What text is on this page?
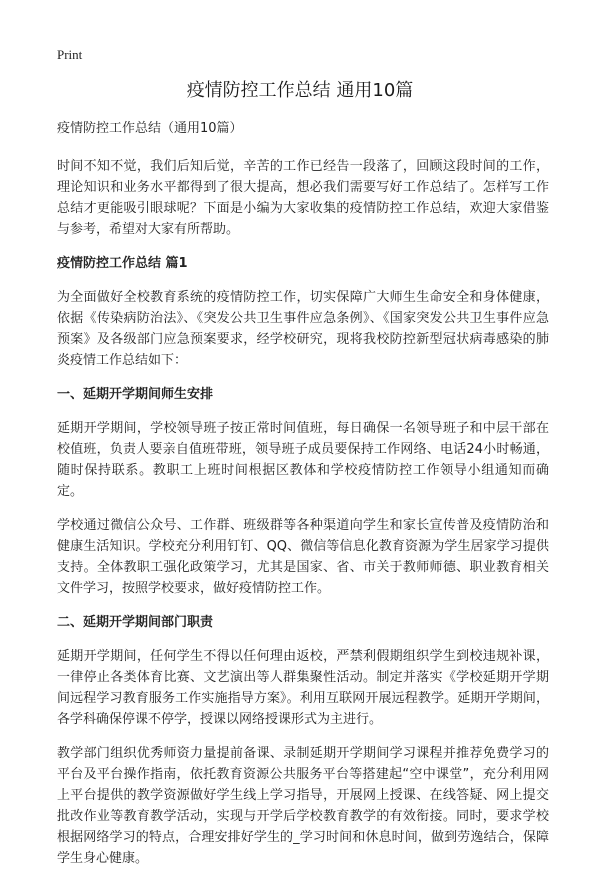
Print
疫情防控工作总结 通用10篇
疫情防控工作总结（通用10篇）

时间不知不觉，我们后知后觉，辛苦的工作已经告一段落了，回顾这段时间的工作，理论知识和业务水平都得到了很大提高，想必我们需要写好工作总结了。怎样写工作总结才更能吸引眼球呢？下面是小编为大家收集的疫情防控工作总结，欢迎大家借鉴与参考，希望对大家有所帮助。

疫情防控工作总结 篇1

为全面做好全校教育系统的疫情防控工作，切实保障广大师生生命安全和身体健康，依据《传染病防治法》、《突发公共卫生事件应急条例》、《国家突发公共卫生事件应急预案》及各级部门应急预案要求，经学校研究，现将我校防控新型冠状病毒感染的肺炎疫情工作总结如下：

一、延期开学期间师生安排

延期开学期间，学校领导班子按正常时间值班，每日确保一名领导班子和中层干部在校值班，负责人要亲自值班带班，领导班子成员要保持工作网络、电话24小时畅通，随时保持联系。教职工上班时间根据区教体和学校疫情防控工作领导小组通知而确定。

学校通过微信公众号、工作群、班级群等各种渠道向学生和家长宣传普及疫情防治和健康生活知识。学校充分利用钉钉、QQ、微信等信息化教育资源为学生居家学习提供支持。全体教职工强化政策学习，尤其是国家、省、市关于教师师德、职业教育相关文件学习，按照学校要求，做好疫情防控工作。

二、延期开学期间部门职责

延期开学期间，任何学生不得以任何理由返校，严禁利假期组织学生到校违规补课，一律停止各类体育比赛、文艺演出等人群集聚性活动。制定并落实《学校延期开学期间远程学习教育服务工作实施指导方案》。利用互联网开展远程教学。延期开学期间，各学科确保停课不停学，授课以网络授课形式为主进行。

教学部门组织优秀师资力量提前备课、录制延期开学期间学习课程并推荐免费学习的平台及平台操作指南，依托教育资源公共服务平台等搭建起“空中课堂”，充分利用网上平台提供的教学资源做好学生线上学习指导，开展网上授课、在线答疑、网上提交批改作业等教育教学活动，实现与开学后学校教育教学的有效衔接。同时，要求学校根据网络学习的特点，合理安排好学生的_学习时间和休息时间，做到劳逸结合，保障学生身心健康。
